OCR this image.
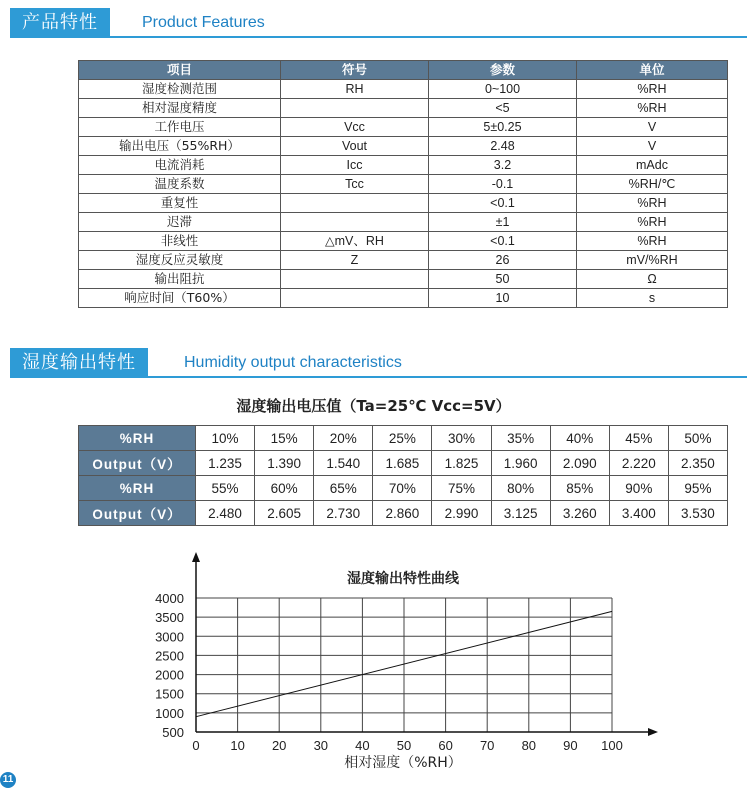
产品特性	Product Features
项目	符号	参数	单位
湿度检测范围	RH	0~100	%RH
相对湿度精度		<5	%RH
工作电压	Vcc	5±0.25	V
输出电压（55%RH）	Vout	2.48	V
电流消耗	Icc	3.2	mAdc
温度系数	Tcc	-0.1	%RH/℃
重复性		<0.1	%RH
迟滞		±1	%RH
非线性	△mV、RH	<0.1	%RH
湿度反应灵敏度	Z	26	mV/%RH
输出阻抗		50	Ω
响应时间（T60%）		10	s
湿度输出特性	Humidity output characteristics
湿度输出电压值（Ta=25℃ Vcc=5V）
%RH	10%	15%	20%	25%	30%	35%	40%	45%	50%
Output（V）	1.235	1.390	1.540	1.685	1.825	1.960	2.090	2.220	2.350
%RH	55%	60%	65%	70%	75%	80%	85%	90%	95%
Output（V）	2.480	2.605	2.730	2.860	2.990	3.125	3.260	3.400	3.530
0 10 20 30 40 50 60 70 80 90 100
500
1000
1500
2000
2500
3000
3500
4000
湿度输出特性曲线
相对湿度（%RH）
11
